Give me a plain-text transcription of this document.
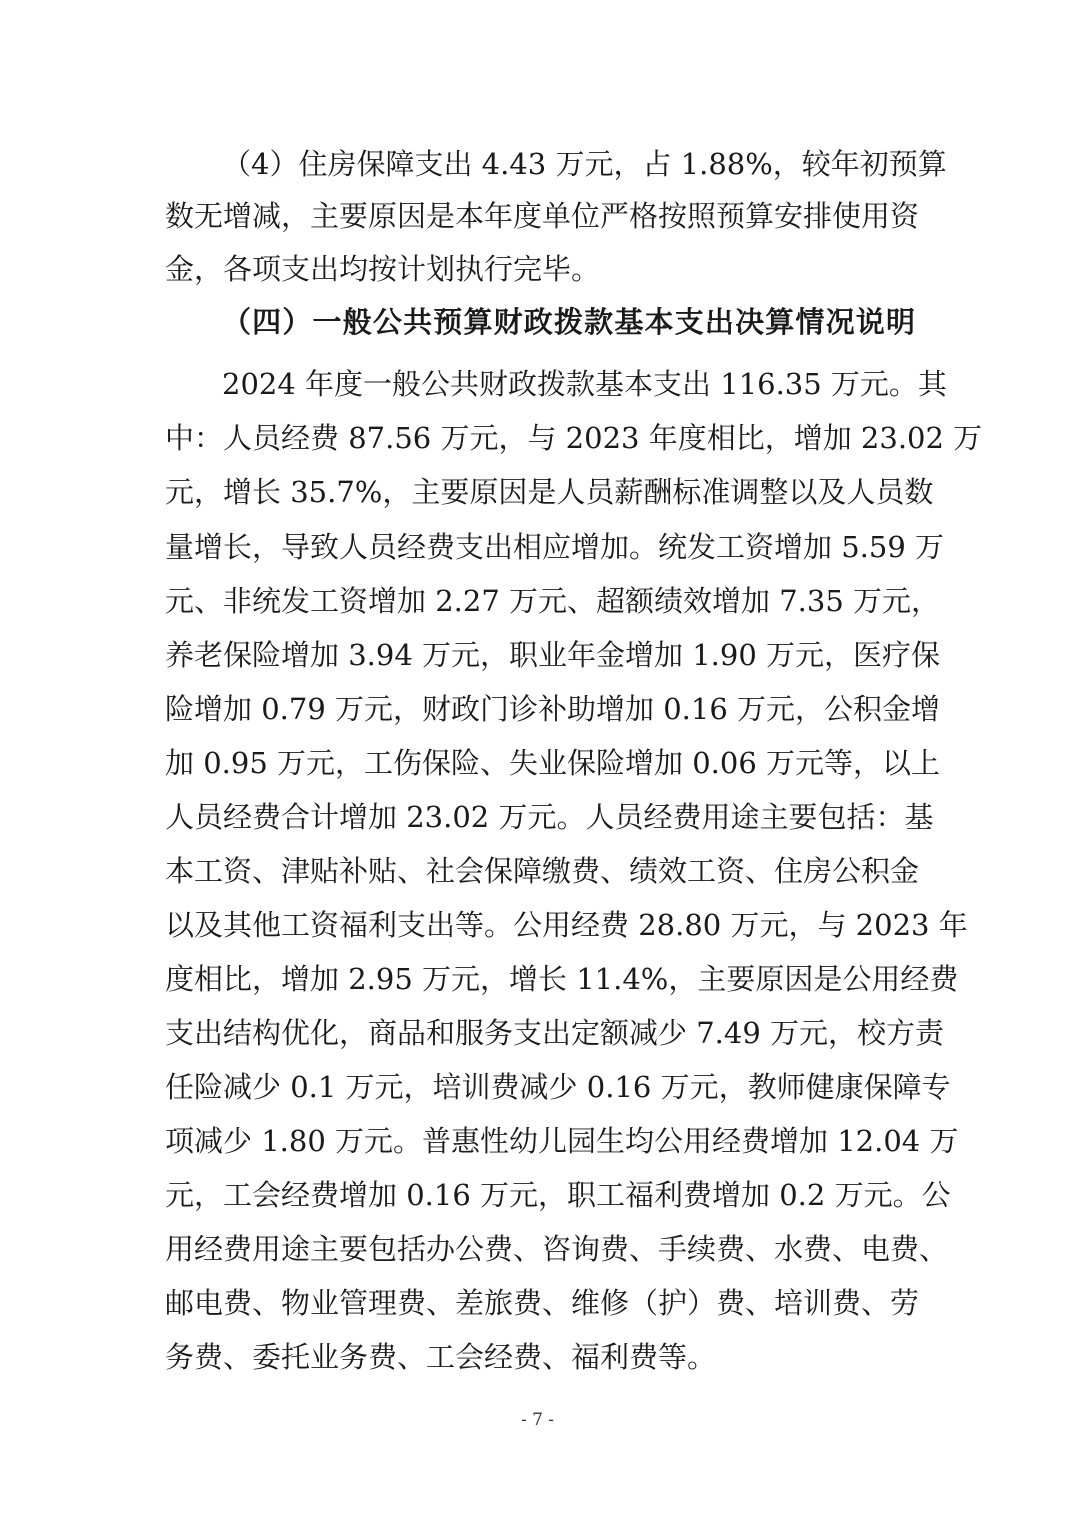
（4）住房保障支出 4.43 万元，占 1.88%，较年初预算
数无增减，主要原因是本年度单位严格按照预算安排使用资
金，各项支出均按计划执行完毕。
（四）一般公共预算财政拨款基本支出决算情况说明
2024 年度一般公共财政拨款基本支出 116.35 万元。其
中：人员经费 87.56 万元，与 2023 年度相比，增加 23.02 万
元，增长 35.7%，主要原因是人员薪酬标准调整以及人员数
量增长，导致人员经费支出相应增加。统发工资增加 5.59 万
元、非统发工资增加 2.27 万元、超额绩效增加 7.35 万元，
养老保险增加 3.94 万元，职业年金增加 1.90 万元，医疗保
险增加 0.79 万元，财政门诊补助增加 0.16 万元，公积金增
加 0.95 万元，工伤保险、失业保险增加 0.06 万元等，以上
人员经费合计增加 23.02 万元。人员经费用途主要包括：基
本工资、津贴补贴、社会保障缴费、绩效工资、住房公积金
以及其他工资福利支出等。公用经费 28.80 万元，与 2023 年
度相比，增加 2.95 万元，增长 11.4%，主要原因是公用经费
支出结构优化，商品和服务支出定额减少 7.49 万元，校方责
任险减少 0.1 万元，培训费减少 0.16 万元，教师健康保障专
项减少 1.80 万元。普惠性幼儿园生均公用经费增加 12.04 万
元，工会经费增加 0.16 万元，职工福利费增加 0.2 万元。公
用经费用途主要包括办公费、咨询费、手续费、水费、电费、
邮电费、物业管理费、差旅费、维修（护）费、培训费、劳
务费、委托业务费、工会经费、福利费等。
- 7 -
